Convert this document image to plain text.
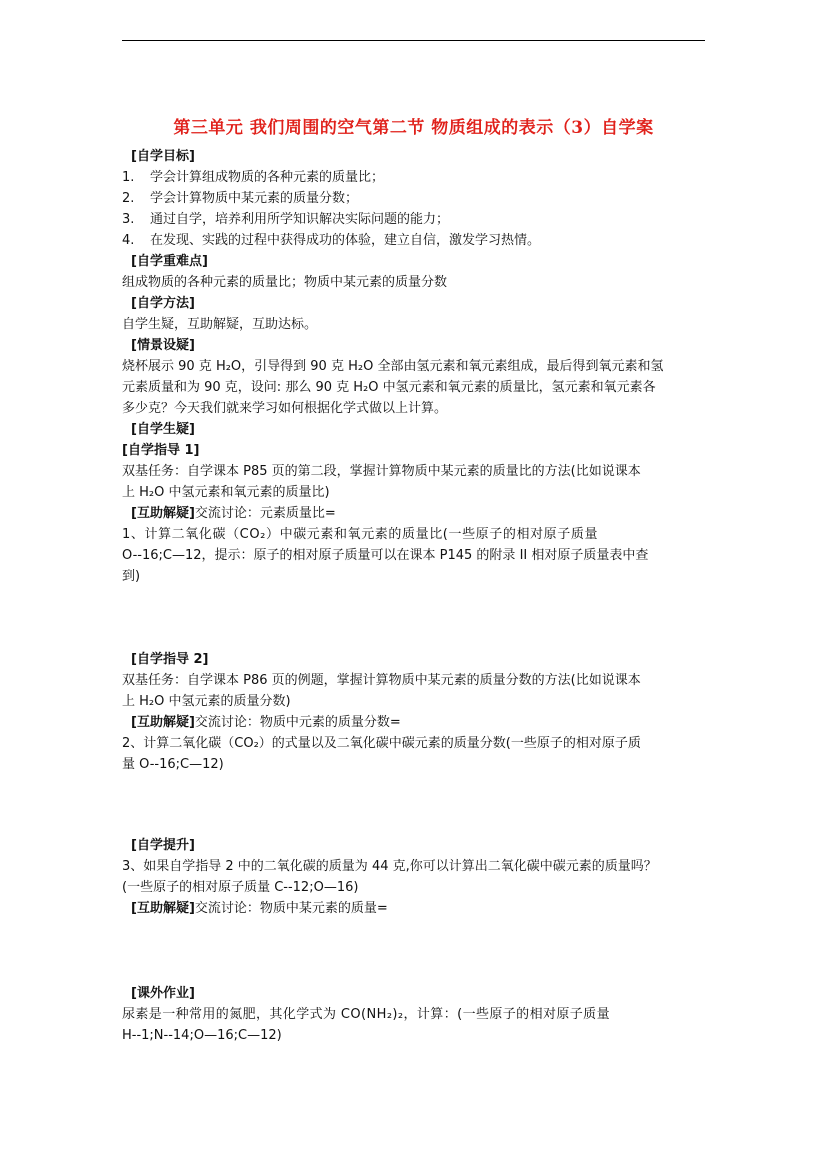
第三单元 我们周围的空气第二节 物质组成的表示（3）自学案
[自学目标]
1.	学会计算组成物质的各种元素的质量比；
2.	学会计算物质中某元素的质量分数；
3.	通过自学，培养利用所学知识解决实际问题的能力；
4.	在发现、实践的过程中获得成功的体验，建立自信，激发学习热情。
[自学重难点]
组成物质的各种元素的质量比；物质中某元素的质量分数
[自学方法]
自学生疑，互助解疑，互助达标。
[情景设疑]
烧杯展示 90 克 H₂O，引导得到 90 克 H₂O 全部由氢元素和氧元素组成，最后得到氧元素和氢
元素质量和为 90 克，设问: 那么 90 克 H₂O 中氢元素和氧元素的质量比，氢元素和氧元素各
多少克？今天我们就来学习如何根据化学式做以上计算。
[自学生疑]
[自学指导 1]
双基任务：自学课本 P85 页的第二段，掌握计算物质中某元素的质量比的方法(比如说课本
上 H₂O 中氢元素和氧元素的质量比)
[互助解疑]交流讨论：元素质量比=
1、计算二氧化碳（CO₂）中碳元素和氧元素的质量比(一些原子的相对原子质量
O--16;C—12，提示：原子的相对原子质量可以在课本 P145 的附录 II 相对原子质量表中查
到)
[自学指导 2]
双基任务：自学课本 P86 页的例题，掌握计算物质中某元素的质量分数的方法(比如说课本
上 H₂O 中氢元素的质量分数)
[互助解疑]交流讨论：物质中元素的质量分数=
2、计算二氧化碳（CO₂）的式量以及二氧化碳中碳元素的质量分数(一些原子的相对原子质
量 O--16;C—12)
[自学提升]
3、如果自学指导 2 中的二氧化碳的质量为 44 克,你可以计算出二氧化碳中碳元素的质量吗？
(一些原子的相对原子质量 C--12;O—16)
[互助解疑]交流讨论：物质中某元素的质量=
[课外作业]
尿素是一种常用的氮肥，其化学式为 CO(NH₂)₂，计算：(一些原子的相对原子质量
H--1;N--14;O—16;C—12)
